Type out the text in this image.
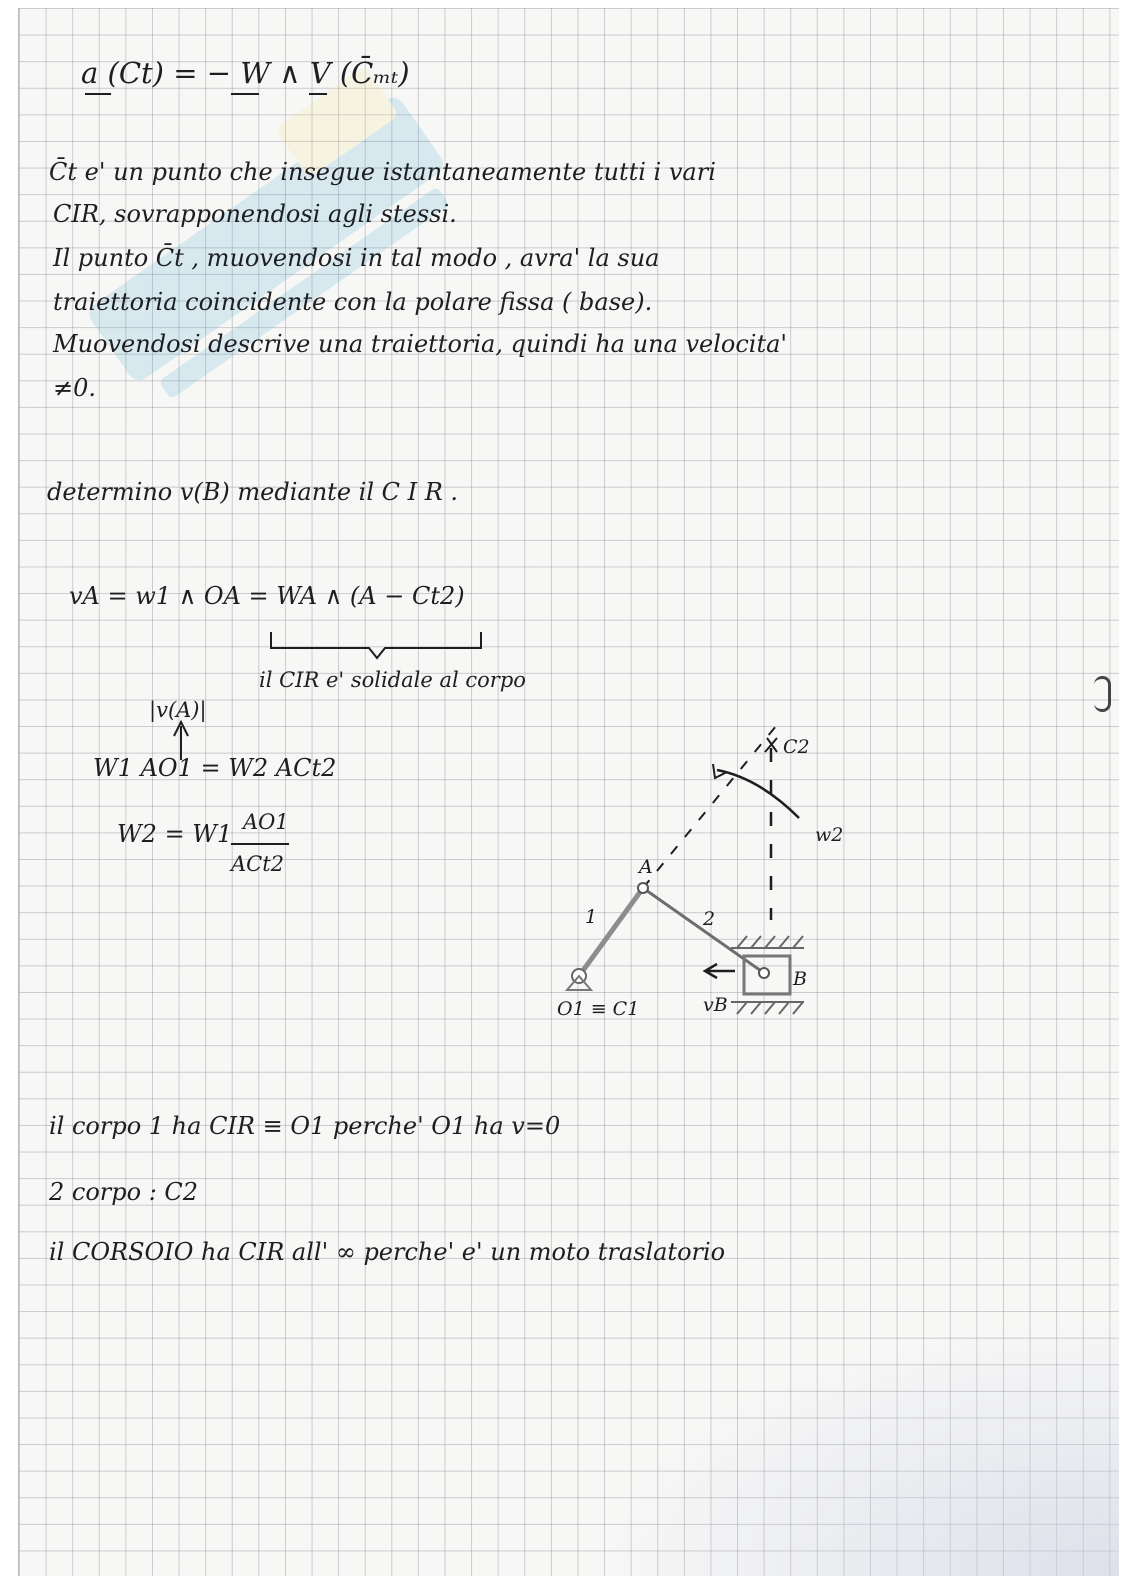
a (Ct) = − W ∧ V (C̄ₘₜ)
C̄t e' un punto che insegue istantaneamente tutti i vari
CIR, sovrapponendosi agli stessi.
Il punto C̄t , muovendosi in tal modo , avra' la sua
traiettoria coincidente con la polare fissa ( base).
Muovendosi descrive una traiettoria, quindi ha una velocita'
≠0.
determino v(B) mediante il C I R .
vA = w1 ∧ OA = WA ∧ (A − Ct2)
il CIR e' solidale al corpo
|v(A)|
W1 AO1 = W2 ACt2
W2 = W1 AO1
ACt2
il corpo 1 ha CIR ≡ O1 perche' O1 ha v=0
2 corpo : C2
il CORSOIO ha CIR all' ∞ perche' e' un moto traslatorio
A
1	2
B
O1 ≡ C1
C2
w2
vB
